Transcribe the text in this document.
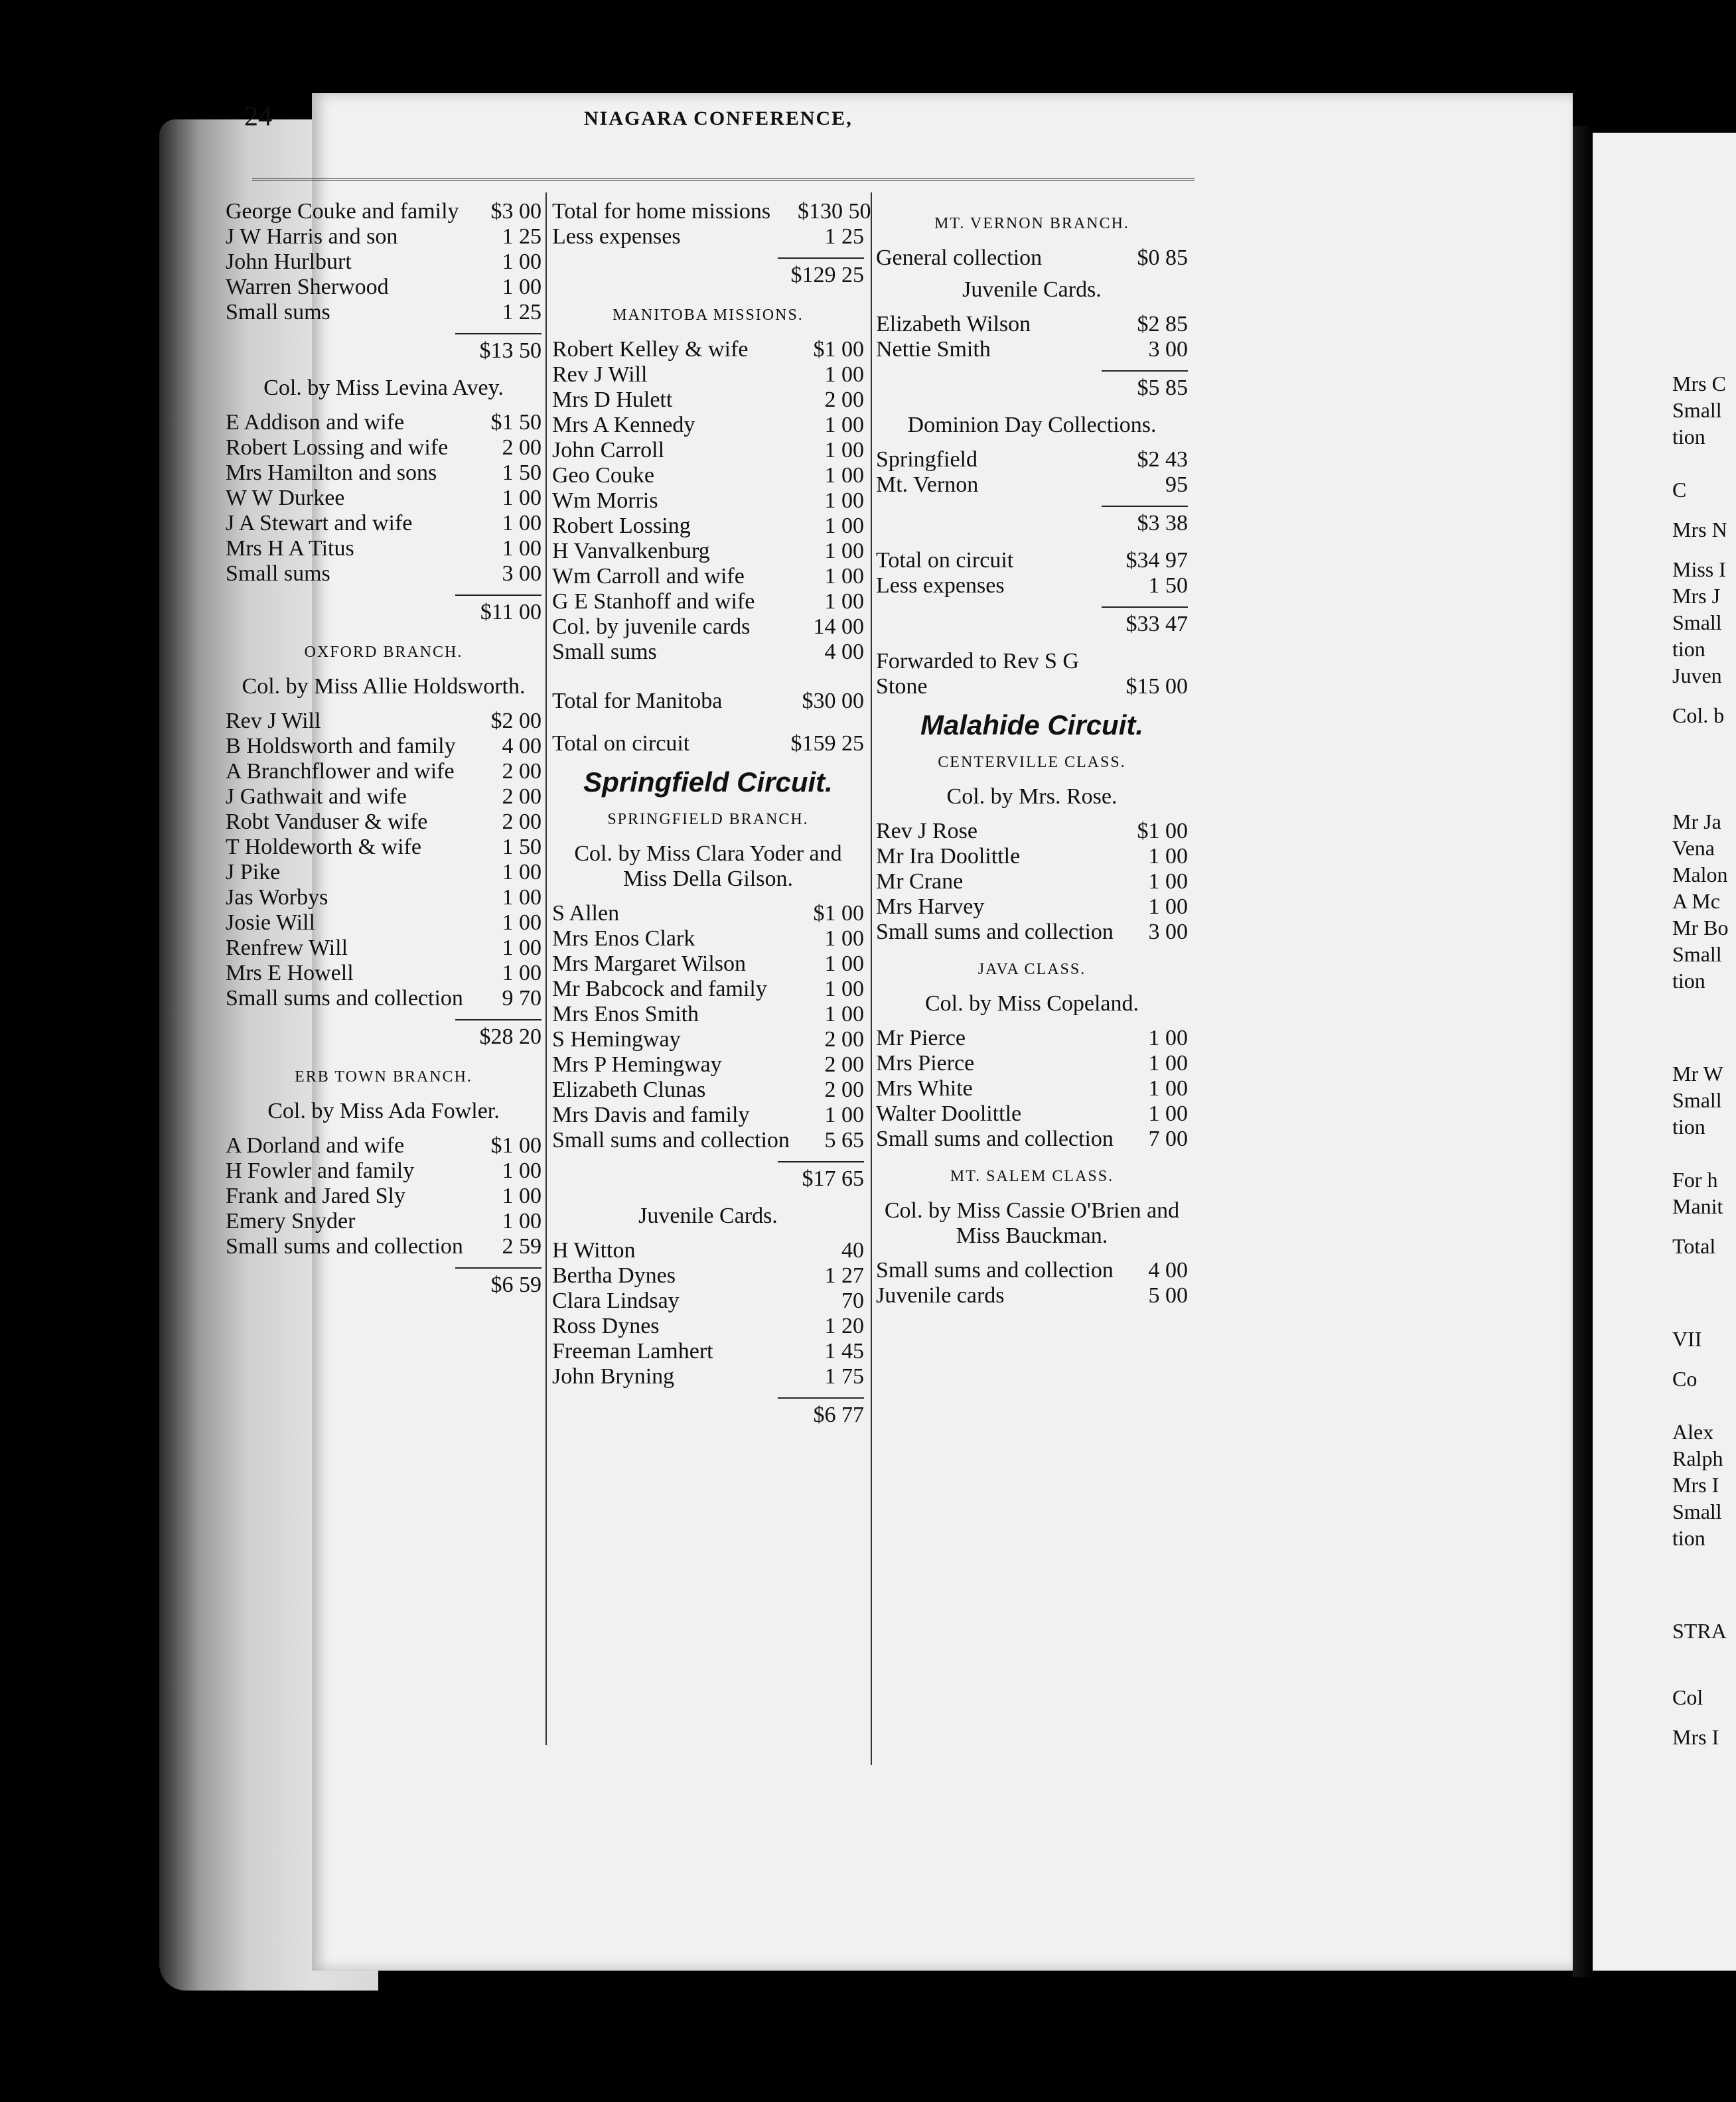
24	NIAGARA CONFERENCE,
George Couke and family	$3 00
J W Harris and son	1 25
John Hurlburt	1 00
Warren Sherwood	1 00
Small sums	1 25
$13 50
Col. by Miss Levina Avey.
E Addison and wife	$1 50
Robert Lossing and wife	2 00
Mrs Hamilton and sons	1 50
W W Durkee	1 00
J A Stewart and wife	1 00
Mrs H A Titus	1 00
Small sums	3 00
$11 00
OXFORD BRANCH.
Col. by Miss Allie Holdsworth.
Rev J Will	$2 00
B Holdsworth and family	4 00
A Branchflower and wife	2 00
J Gathwait and wife	2 00
Robt Vanduser & wife	2 00
T Holdeworth & wife	1 50
J Pike	1 00
Jas Worbys	1 00
Josie Will	1 00
Renfrew Will	1 00
Mrs E Howell	1 00
Small sums and collection	9 70
$28 20
ERB TOWN BRANCH.
Col. by Miss Ada Fowler.
A Dorland and wife	$1 00
H Fowler and family	1 00
Frank and Jared Sly	1 00
Emery Snyder	1 00
Small sums and collection	2 59
$6 59
Total for home missions	$130 50
Less expenses	1 25
$129 25
MANITOBA MISSIONS.
Robert Kelley & wife	$1 00
Rev J Will	1 00
Mrs D Hulett	2 00
Mrs A Kennedy	1 00
John Carroll	1 00
Geo Couke	1 00
Wm Morris	1 00
Robert Lossing	1 00
H Vanvalkenburg	1 00
Wm Carroll and wife	1 00
G E Stanhoff and wife	1 00
Col. by juvenile cards	14 00
Small sums	4 00
Total for Manitoba	$30 00
Total on circuit	$159 25
Springfield Circuit.
SPRINGFIELD BRANCH.
Col. by Miss Clara Yoder and Miss Della Gilson.
S Allen	$1 00
Mrs Enos Clark	1 00
Mrs Margaret Wilson	1 00
Mr Babcock and family	1 00
Mrs Enos Smith	1 00
S Hemingway	2 00
Mrs P Hemingway	2 00
Elizabeth Clunas	2 00
Mrs Davis and family	1 00
Small sums and collection	5 65
$17 65
Juvenile Cards.
H Witton	40
Bertha Dynes	1 27
Clara Lindsay	70
Ross Dynes	1 20
Freeman Lamhert	1 45
John Bryning	1 75
$6 77
MT. VERNON BRANCH.
General collection	$0 85
Juvenile Cards.
Elizabeth Wilson	$2 85
Nettie Smith	3 00
$5 85
Dominion Day Collections.
Springfield	$2 43
Mt. Vernon	95
$3 38
Total on circuit	$34 97
Less expenses	1 50
$33 47
Forwarded to Rev S G Stone	$15 00
Malahide Circuit.
CENTERVILLE CLASS.
Col. by Mrs. Rose.
Rev J Rose	$1 00
Mr Ira Doolittle	1 00
Mr Crane	1 00
Mrs Harvey	1 00
Small sums and collection	3 00
JAVA CLASS.
Col. by Miss Copeland.
Mr Pierce	1 00
Mrs Pierce	1 00
Mrs White	1 00
Walter Doolittle	1 00
Small sums and collection	7 00
MT. SALEM CLASS.
Col. by Miss Cassie O'Brien and Miss Bauckman.
Small sums and collection	4 00
Juvenile cards	5 00
Mrs C
Small
tion
C
Mrs N
Miss I
Mrs J
Small
tion
Juven
Col. b
Mr Ja
Vena
Malon
A Mc
Mr Bo
Small
tion
Mr W
Small
tion
For h
Manit
Total
VII
Co
Alex
Ralph
Mrs I
Small
tion
STRA
Col
Mrs I
